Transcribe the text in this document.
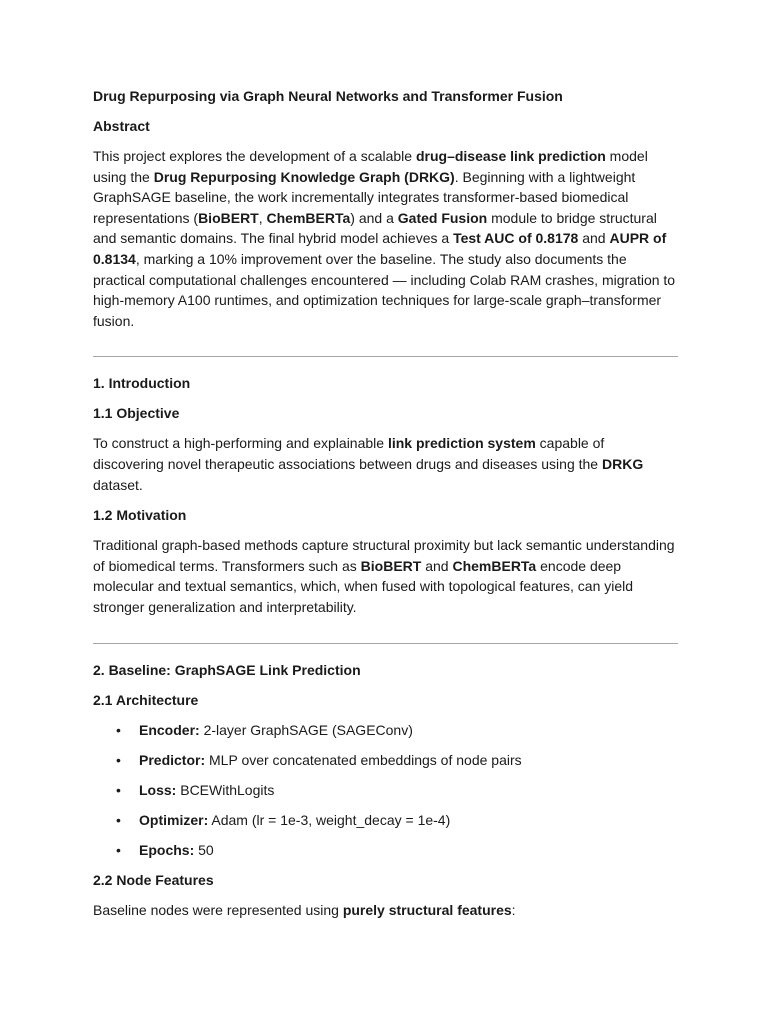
Drug Repurposing via Graph Neural Networks and Transformer Fusion
Abstract

This project explores the development of a scalable drug–disease link prediction model using the Drug Repurposing Knowledge Graph (DRKG). Beginning with a lightweight GraphSAGE baseline, the work incrementally integrates transformer-based biomedical representations (BioBERT, ChemBERTa) and a Gated Fusion module to bridge structural and semantic domains. The final hybrid model achieves a Test AUC of 0.8178 and AUPR of 0.8134, marking a 10% improvement over the baseline. The study also documents the practical computational challenges encountered — including Colab RAM crashes, migration to high-memory A100 runtimes, and optimization techniques for large-scale graph–transformer fusion.

1. Introduction
1.1 Objective

To construct a high-performing and explainable link prediction system capable of discovering novel therapeutic associations between drugs and diseases using the DRKG dataset.

1.2 Motivation

Traditional graph-based methods capture structural proximity but lack semantic understanding of biomedical terms. Transformers such as BioBERT and ChemBERTa encode deep molecular and textual semantics, which, when fused with topological features, can yield stronger generalization and interpretability.

2. Baseline: GraphSAGE Link Prediction
2.1 Architecture
• Encoder: 2-layer GraphSAGE (SAGEConv)
• Predictor: MLP over concatenated embeddings of node pairs
• Loss: BCEWithLogits
• Optimizer: Adam (lr = 1e-3, weight_decay = 1e-4)
• Epochs: 50
2.2 Node Features

Baseline nodes were represented using purely structural features:
